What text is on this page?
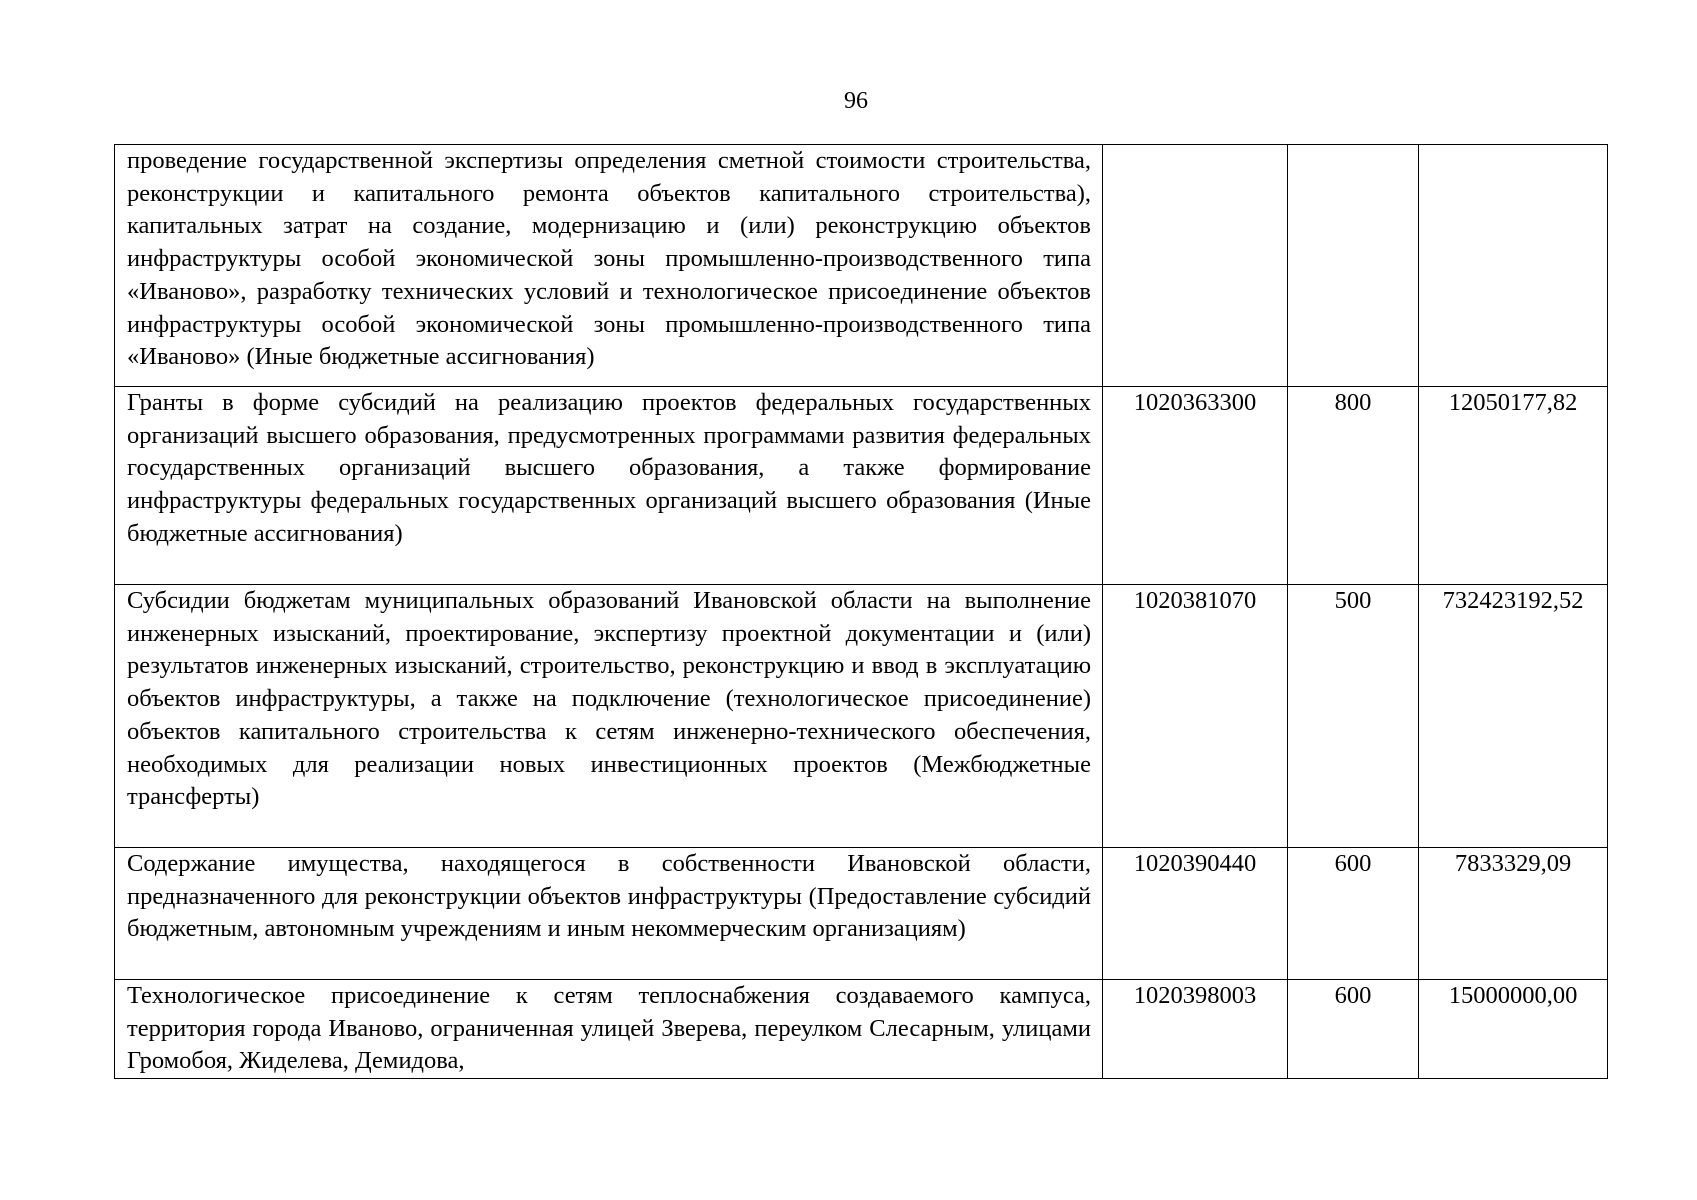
96
проведение государственной экспертизы определения сметной стоимости строительства, реконструкции и капитального ремонта объектов капитального строительства), капитальных затрат на создание, модернизацию и (или) реконструкцию объектов инфраструктуры особой экономической зоны промышленно-производственного типа «Иваново», разработку технических условий и технологическое присоединение объектов инфраструктуры особой экономической зоны промышленно-производственного типа «Иваново» (Иные бюджетные ассигнования)			
Гранты в форме субсидий на реализацию проектов федеральных государственных организаций высшего образования, предусмотренных программами развития федеральных государственных организаций высшего образования, а также формирование инфраструктуры федеральных государственных организаций высшего образования (Иные бюджетные ассигнования)	1020363300	800	12050177,82
Субсидии бюджетам муниципальных образований Ивановской области на выполнение инженерных изысканий, проектирование, экспертизу проектной документации и (или) результатов инженерных изысканий, строительство, реконструкцию и ввод в эксплуатацию объектов инфраструктуры, а также на подключение (технологическое присоединение) объектов капитального строительства к сетям инженерно-технического обеспечения, необходимых для реализации новых инвестиционных проектов (Межбюджетные трансферты)	1020381070	500	732423192,52
Содержание имущества, находящегося в собственности Ивановской области, предназначенного для реконструкции объектов инфраструктуры (Предоставление субсидий бюджетным, автономным учреждениям и иным некоммерческим организациям)	1020390440	600	7833329,09
Технологическое присоединение к сетям теплоснабжения создаваемого кампуса, территория города Иваново, ограниченная улицей Зверева, переулком Слесарным, улицами Громобоя, Жиделева, Демидова,	1020398003	600	15000000,00
